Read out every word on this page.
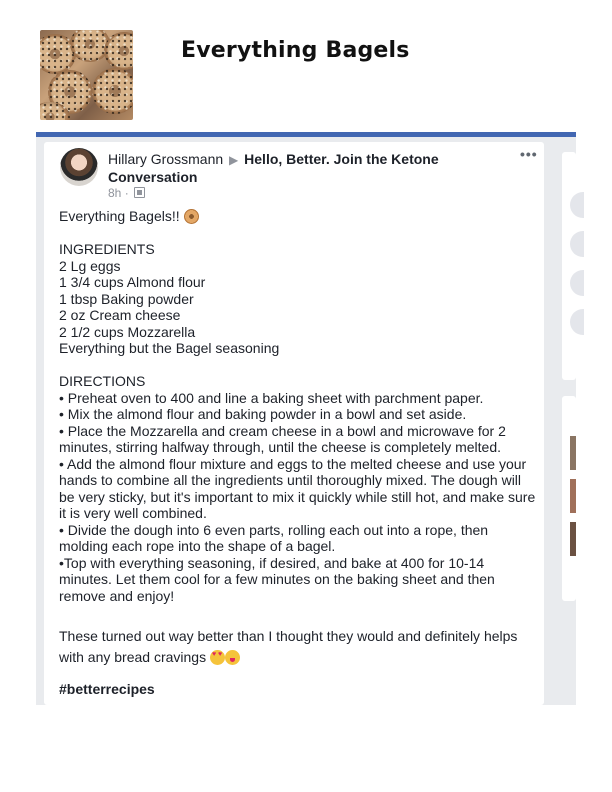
Everything Bagels
Hillary Grossmann ▶ Hello, Better. Join the Ketone Conversation
8h ·
•••

Everything Bagels!!

INGREDIENTS

2 Lg eggs

1 3/4 cups Almond flour

1 tbsp Baking powder

2 oz Cream cheese

2 1/2 cups Mozzarella

Everything but the Bagel seasoning

DIRECTIONS

• Preheat oven to 400 and line a baking sheet with parchment paper.

• Mix the almond flour and baking powder in a bowl and set aside.

• Place the Mozzarella and cream cheese in a bowl and microwave for 2 minutes, stirring halfway through, until the cheese is completely melted.

• Add the almond flour mixture and eggs to the melted cheese and use your hands to combine all the ingredients until thoroughly mixed. The dough will be very sticky, but it's important to mix it quickly while still hot, and make sure it is very well combined.

• Divide the dough into 6 even parts, rolling each out into a rope, then molding each rope into the shape of a bagel.

•Top with everything seasoning, if desired, and bake at 400 for 10-14 minutes. Let them cool for a few minutes on the baking sheet and then remove and enjoy!

These turned out way better than I thought they would and definitely helps with any bread cravings ♥ ♥
#betterrecipes
